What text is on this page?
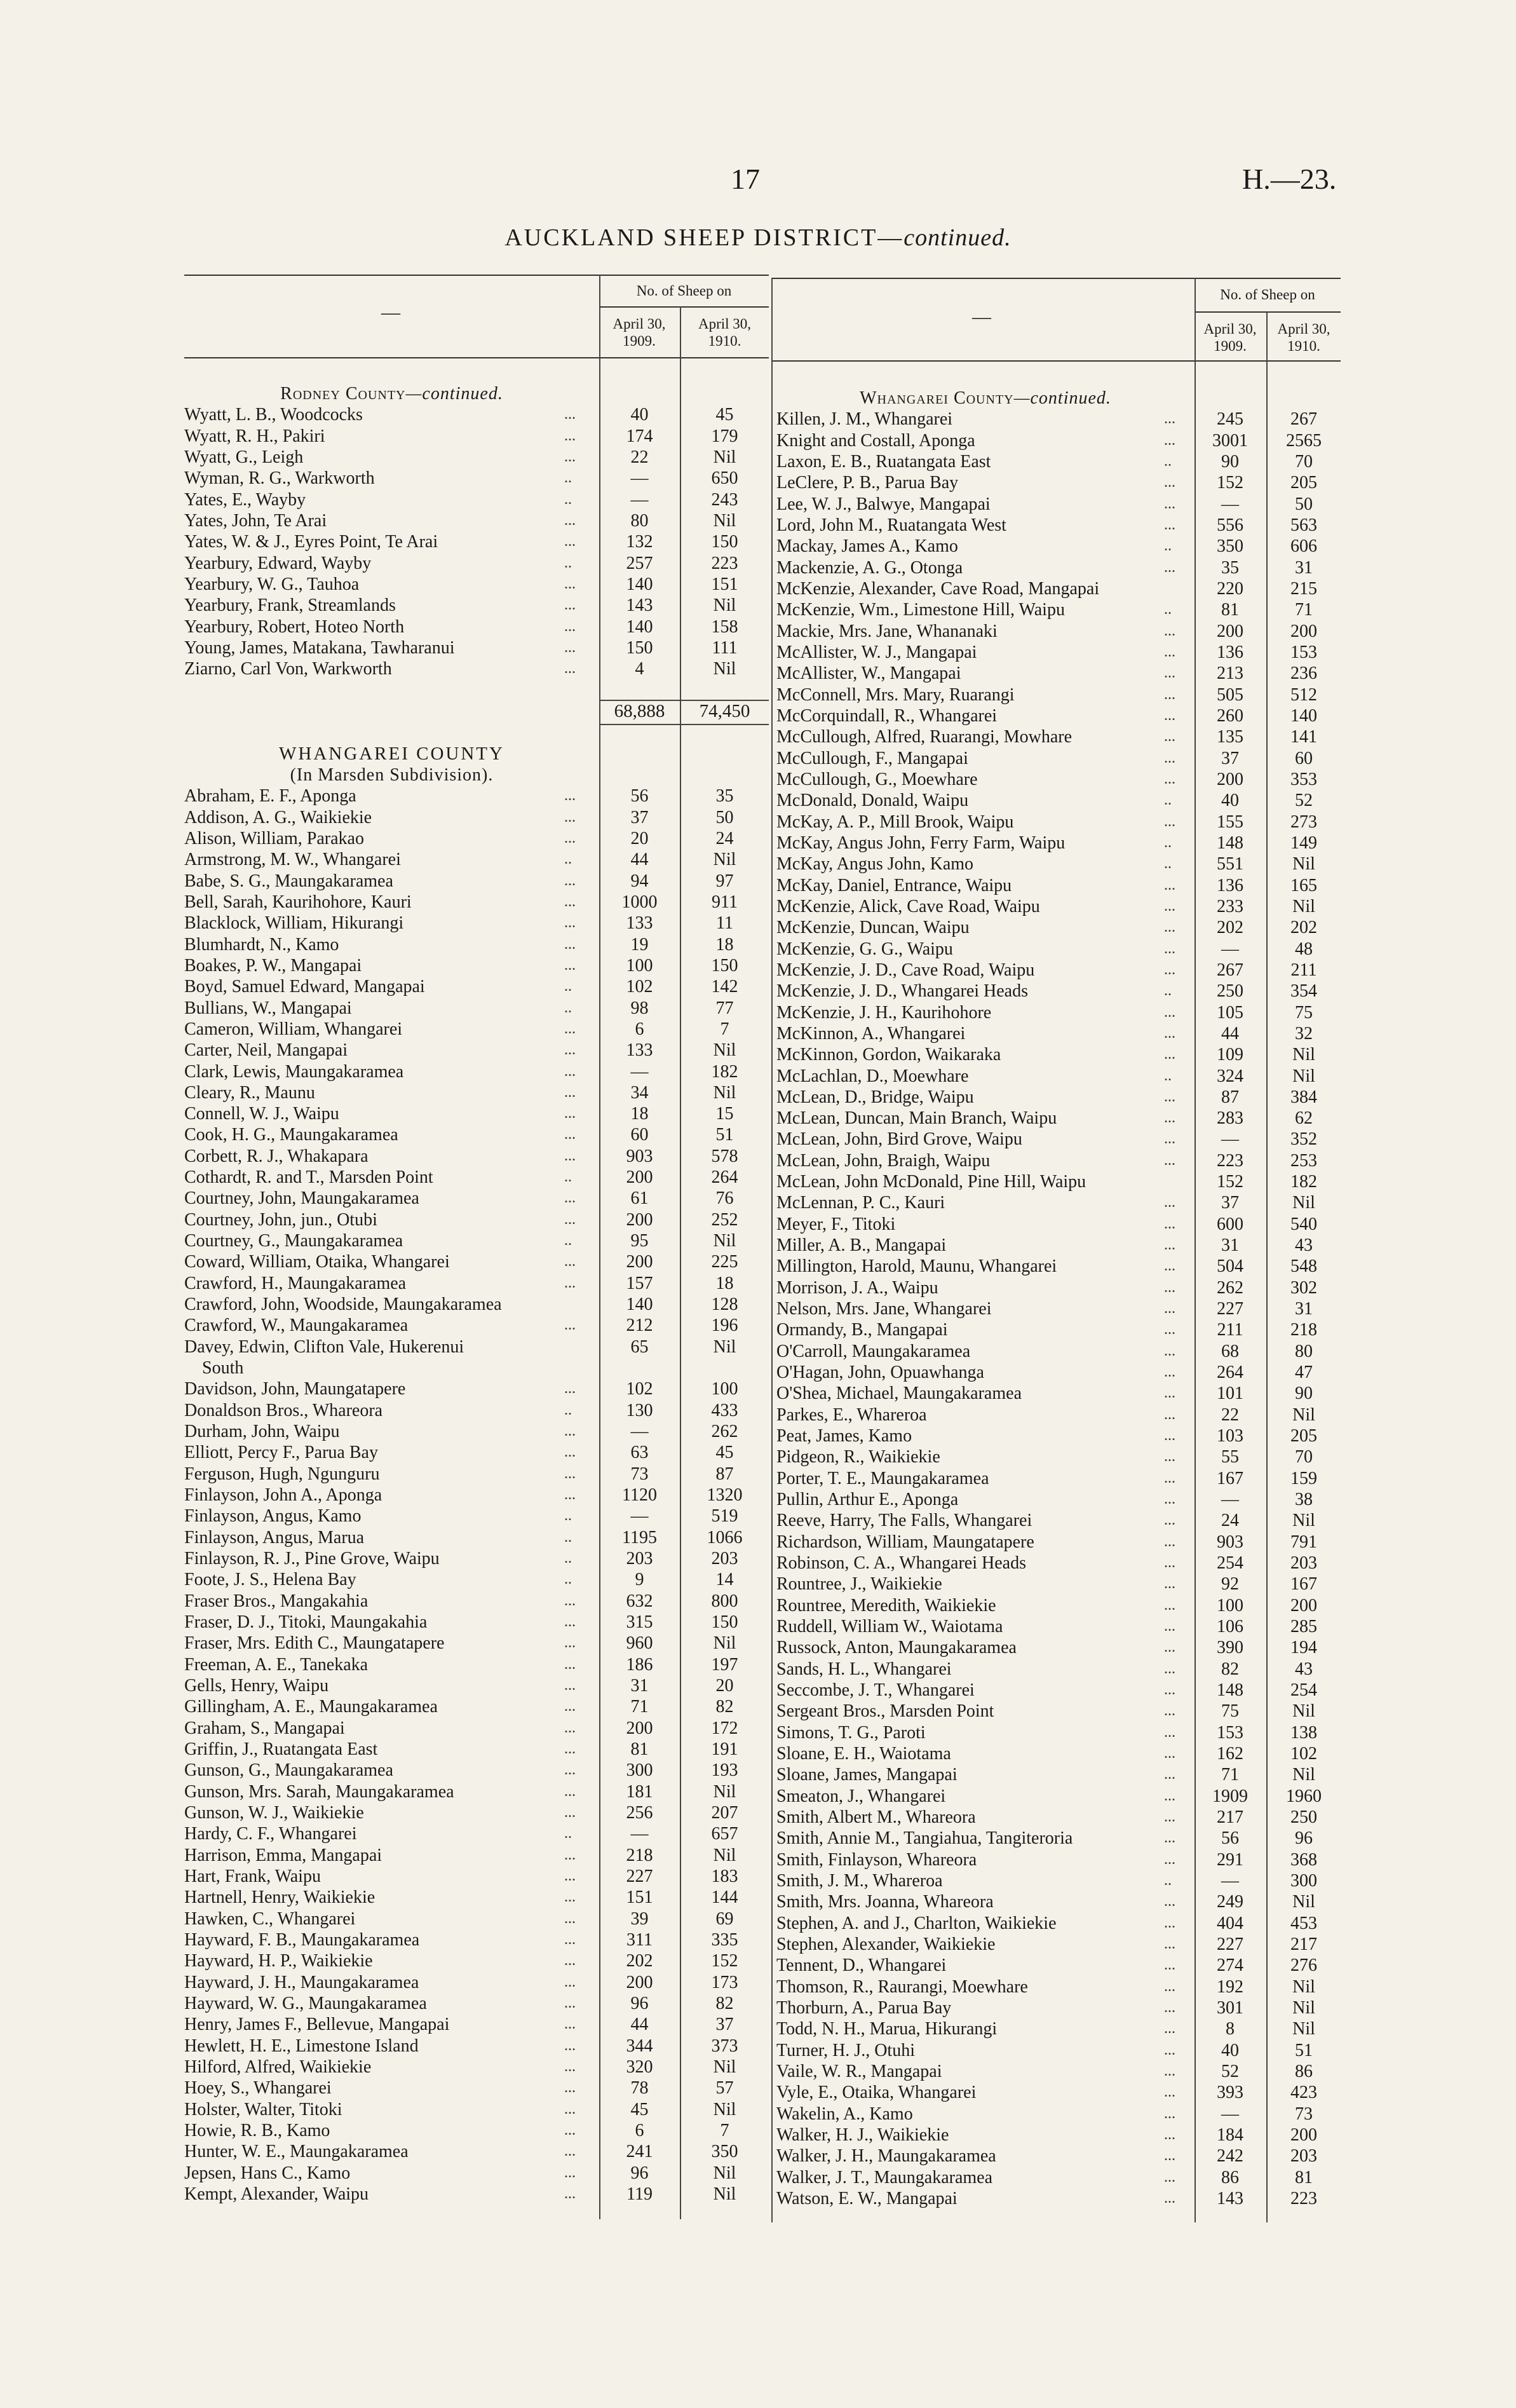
17	H.—23.
AUCKLAND SHEEP DISTRICT—continued.
No. of Sheep on
April 30, 1909.
April 30, 1910.
—
No. of Sheep on
April 30, 1909.
April 30, 1910.
—
Rodney County—continued.
Wyatt, L. B., Woodcocks	...	40	45
Wyatt, R. H., Pakiri	...	174	179
Wyatt, G., Leigh	...	22	Nil
Wyman, R. G., Warkworth	..	—	650
Yates, E., Wayby	..	—	243
Yates, John, Te Arai	...	80	Nil
Yates, W. & J., Eyres Point, Te Arai	...	132	150
Yearbury, Edward, Wayby	..	257	223
Yearbury, W. G., Tauhoa	...	140	151
Yearbury, Frank, Streamlands	...	143	Nil
Yearbury, Robert, Hoteo North	...	140	158
Young, James, Matakana, Tawharanui	...	150	111
Ziarno, Carl Von, Warkworth	...	4	Nil
68,888	74,450
WHANGAREI COUNTY
(In Marsden Subdivision).
Abraham, E. F., Aponga	...	56	35
Addison, A. G., Waikiekie	...	37	50
Alison, William, Parakao	...	20	24
Armstrong, M. W., Whangarei	..	44	Nil
Babe, S. G., Maungakaramea	...	94	97
Bell, Sarah, Kaurihohore, Kauri	...	1000	911
Blacklock, William, Hikurangi	...	133	11
Blumhardt, N., Kamo	...	19	18
Boakes, P. W., Mangapai	...	100	150
Boyd, Samuel Edward, Mangapai	..	102	142
Bullians, W., Mangapai	..	98	77
Cameron, William, Whangarei	...	6	7
Carter, Neil, Mangapai	...	133	Nil
Clark, Lewis, Maungakaramea	...	—	182
Cleary, R., Maunu	...	34	Nil
Connell, W. J., Waipu	...	18	15
Cook, H. G., Maungakaramea	...	60	51
Corbett, R. J., Whakapara	...	903	578
Cothardt, R. and T., Marsden Point	..	200	264
Courtney, John, Maungakaramea	...	61	76
Courtney, John, jun., Otubi	...	200	252
Courtney, G., Maungakaramea	..	95	Nil
Coward, William, Otaika, Whangarei	...	200	225
Crawford, H., Maungakaramea	...	157	18
Crawford, John, Woodside, Maungakaramea	140	128
Crawford, W., Maungakaramea	...	212	196
Davey, Edwin, Clifton Vale, Hukerenui	65	Nil
South
Davidson, John, Maungatapere	...	102	100
Donaldson Bros., Whareora	..	130	433
Durham, John, Waipu	...	—	262
Elliott, Percy F., Parua Bay	...	63	45
Ferguson, Hugh, Ngunguru	...	73	87
Finlayson, John A., Aponga	...	1120	1320
Finlayson, Angus, Kamo	..	—	519
Finlayson, Angus, Marua	..	1195	1066
Finlayson, R. J., Pine Grove, Waipu	..	203	203
Foote, J. S., Helena Bay	..	9	14
Fraser Bros., Mangakahia	...	632	800
Fraser, D. J., Titoki, Maungakahia	...	315	150
Fraser, Mrs. Edith C., Maungatapere	...	960	Nil
Freeman, A. E., Tanekaka	...	186	197
Gells, Henry, Waipu	...	31	20
Gillingham, A. E., Maungakaramea	...	71	82
Graham, S., Mangapai	...	200	172
Griffin, J., Ruatangata East	...	81	191
Gunson, G., Maungakaramea	...	300	193
Gunson, Mrs. Sarah, Maungakaramea	...	181	Nil
Gunson, W. J., Waikiekie	...	256	207
Hardy, C. F., Whangarei	..	—	657
Harrison, Emma, Mangapai	...	218	Nil
Hart, Frank, Waipu	...	227	183
Hartnell, Henry, Waikiekie	...	151	144
Hawken, C., Whangarei	...	39	69
Hayward, F. B., Maungakaramea	...	311	335
Hayward, H. P., Waikiekie	...	202	152
Hayward, J. H., Maungakaramea	...	200	173
Hayward, W. G., Maungakaramea	...	96	82
Henry, James F., Bellevue, Mangapai	...	44	37
Hewlett, H. E., Limestone Island	...	344	373
Hilford, Alfred, Waikiekie	...	320	Nil
Hoey, S., Whangarei	...	78	57
Holster, Walter, Titoki	...	45	Nil
Howie, R. B., Kamo	...	6	7
Hunter, W. E., Maungakaramea	...	241	350
Jepsen, Hans C., Kamo	...	96	Nil
Kempt, Alexander, Waipu	...	119	Nil
Whangarei County—continued.
Killen, J. M., Whangarei	...	245	267
Knight and Costall, Aponga	...	3001	2565
Laxon, E. B., Ruatangata East	..	90	70
LeClere, P. B., Parua Bay	...	152	205
Lee, W. J., Balwye, Mangapai	...	—	50
Lord, John M., Ruatangata West	...	556	563
Mackay, James A., Kamo	..	350	606
Mackenzie, A. G., Otonga	...	35	31
McKenzie, Alexander, Cave Road, Mangapai	220	215
McKenzie, Wm., Limestone Hill, Waipu	..	81	71
Mackie, Mrs. Jane, Whananaki	...	200	200
McAllister, W. J., Mangapai	...	136	153
McAllister, W., Mangapai	...	213	236
McConnell, Mrs. Mary, Ruarangi	...	505	512
McCorquindall, R., Whangarei	...	260	140
McCullough, Alfred, Ruarangi, Mowhare	...	135	141
McCullough, F., Mangapai	...	37	60
McCullough, G., Moewhare	...	200	353
McDonald, Donald, Waipu	..	40	52
McKay, A. P., Mill Brook, Waipu	...	155	273
McKay, Angus John, Ferry Farm, Waipu	..	148	149
McKay, Angus John, Kamo	..	551	Nil
McKay, Daniel, Entrance, Waipu	...	136	165
McKenzie, Alick, Cave Road, Waipu	...	233	Nil
McKenzie, Duncan, Waipu	...	202	202
McKenzie, G. G., Waipu	...	—	48
McKenzie, J. D., Cave Road, Waipu	...	267	211
McKenzie, J. D., Whangarei Heads	..	250	354
McKenzie, J. H., Kaurihohore	...	105	75
McKinnon, A., Whangarei	...	44	32
McKinnon, Gordon, Waikaraka	...	109	Nil
McLachlan, D., Moewhare	..	324	Nil
McLean, D., Bridge, Waipu	...	87	384
McLean, Duncan, Main Branch, Waipu	...	283	62
McLean, John, Bird Grove, Waipu	...	—	352
McLean, John, Braigh, Waipu	...	223	253
McLean, John McDonald, Pine Hill, Waipu	152	182
McLennan, P. C., Kauri	...	37	Nil
Meyer, F., Titoki	...	600	540
Miller, A. B., Mangapai	...	31	43
Millington, Harold, Maunu, Whangarei	...	504	548
Morrison, J. A., Waipu	...	262	302
Nelson, Mrs. Jane, Whangarei	...	227	31
Ormandy, B., Mangapai	...	211	218
O'Carroll, Maungakaramea	...	68	80
O'Hagan, John, Opuawhanga	...	264	47
O'Shea, Michael, Maungakaramea	...	101	90
Parkes, E., Whareroa	...	22	Nil
Peat, James, Kamo	...	103	205
Pidgeon, R., Waikiekie	...	55	70
Porter, T. E., Maungakaramea	...	167	159
Pullin, Arthur E., Aponga	...	—	38
Reeve, Harry, The Falls, Whangarei	...	24	Nil
Richardson, William, Maungatapere	...	903	791
Robinson, C. A., Whangarei Heads	...	254	203
Rountree, J., Waikiekie	...	92	167
Rountree, Meredith, Waikiekie	...	100	200
Ruddell, William W., Waiotama	...	106	285
Russock, Anton, Maungakaramea	...	390	194
Sands, H. L., Whangarei	...	82	43
Seccombe, J. T., Whangarei	...	148	254
Sergeant Bros., Marsden Point	...	75	Nil
Simons, T. G., Paroti	...	153	138
Sloane, E. H., Waiotama	...	162	102
Sloane, James, Mangapai	...	71	Nil
Smeaton, J., Whangarei	...	1909	1960
Smith, Albert M., Whareora	...	217	250
Smith, Annie M., Tangiahua, Tangiteroria	...	56	96
Smith, Finlayson, Whareora	...	291	368
Smith, J. M., Whareroa	..	—	300
Smith, Mrs. Joanna, Whareora	...	249	Nil
Stephen, A. and J., Charlton, Waikiekie	...	404	453
Stephen, Alexander, Waikiekie	...	227	217
Tennent, D., Whangarei	...	274	276
Thomson, R., Raurangi, Moewhare	...	192	Nil
Thorburn, A., Parua Bay	...	301	Nil
Todd, N. H., Marua, Hikurangi	...	8	Nil
Turner, H. J., Otuhi	...	40	51
Vaile, W. R., Mangapai	...	52	86
Vyle, E., Otaika, Whangarei	...	393	423
Wakelin, A., Kamo	...	—	73
Walker, H. J., Waikiekie	...	184	200
Walker, J. H., Maungakaramea	...	242	203
Walker, J. T., Maungakaramea	...	86	81
Watson, E. W., Mangapai	...	143	223
